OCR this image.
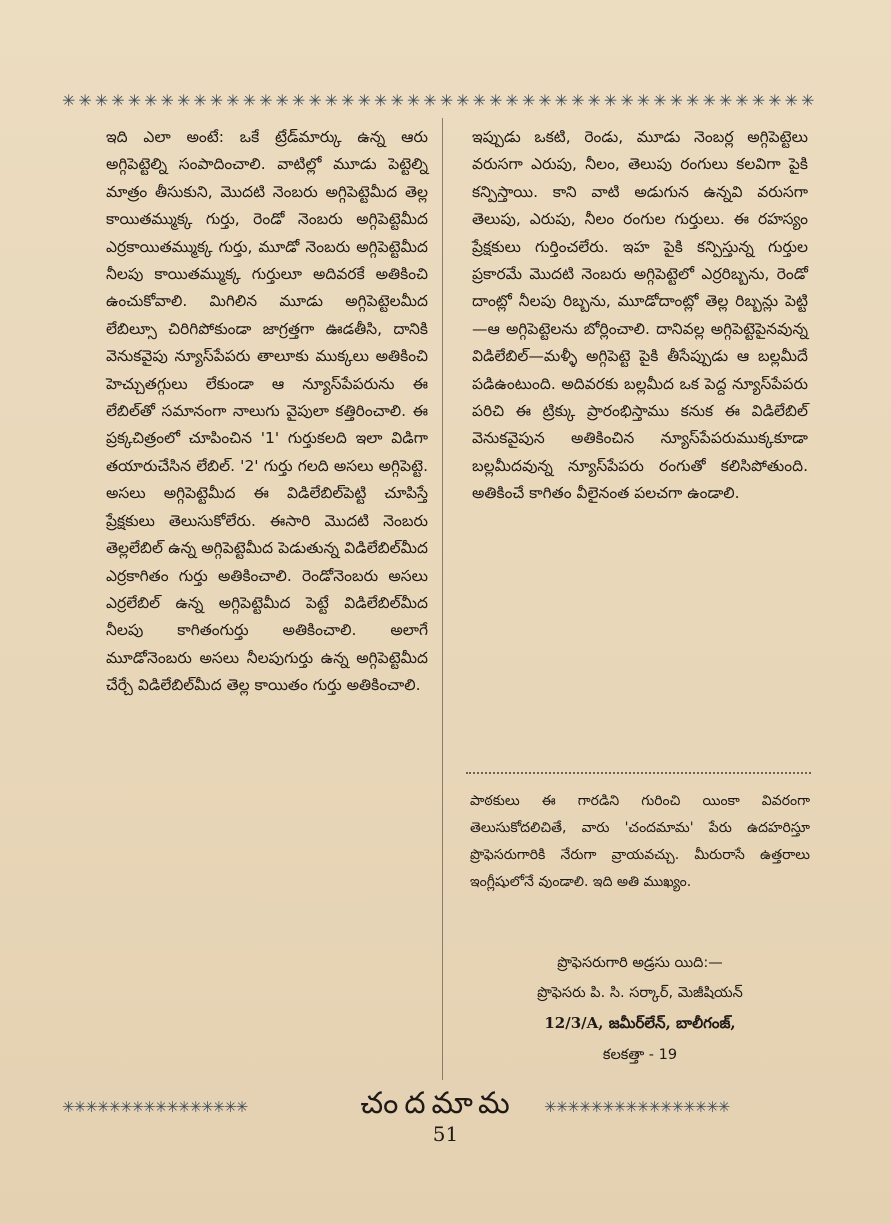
✳ ✳ ✳ ✳ ✳ ✳ ✳ ✳ ✳ ✳ ✳ ✳ ✳ ✳ ✳ ✳ ✳ ✳ ✳ ✳ ✳ ✳ ✳ ✳ ✳ ✳ ✳ ✳ ✳ ✳ ✳ ✳ ✳ ✳ ✳ ✳ ✳ ✳ ✳ ✳ ✳ ✳ ✳ ✳ ✳ ✳

ఇది ఎలా అంటే: ఒకే ట్రేడ్‌మార్కు ఉన్న ఆరు అగ్గిపెట్టెల్ని సంపాదించాలి. వాటిల్లో మూడు పెట్టెల్ని మాత్రం తీసుకుని, మొదటి నెంబరు అగ్గిపెట్టెమీద తెల్ల కాయితమ్ముక్క గుర్తు, రెండో నెంబరు అగ్గిపెట్టెమీద ఎర్రకాయితమ్ముక్క గుర్తు, మూడో నెంబరు అగ్గిపెట్టెమీద నీలపు కాయితమ్ముక్క గుర్తులూ అదివరకే అతికించి ఉంచుకోవాలి. మిగిలిన మూడు అగ్గిపెట్టెలమీద లేబిల్సూ చిరిగిపోకుండా జాగ్రత్తగా ఊడతీసి, దానికి వెనుకవైపు న్యూస్‌పేపరు తాలూకు ముక్కలు అతికించి హెచ్చుతగ్గులు లేకుండా ఆ న్యూస్‌పేపరును ఈ లేబిల్‌తో సమానంగా నాలుగు వైపులా కత్తిరించాలి. ఈ ప్రక్కచిత్రంలో చూపించిన '1' గుర్తుకలది ఇలా విడిగా తయారుచేసిన లేబిల్. '2' గుర్తు గలది అసలు అగ్గిపెట్టె. అసలు అగ్గిపెట్టెమీద ఈ విడిలేబిల్‌పెట్టి చూపిస్తే ప్రేక్షకులు తెలుసుకోలేరు. ఈసారి మొదటి నెంబరు తెల్లలేబిల్ ఉన్న అగ్గిపెట్టెమీద పెడుతున్న విడిలేబిల్‌మీద ఎర్రకాగితం గుర్తు అతికించాలి. రెండోనెంబరు అసలు ఎర్రలేబిల్ ఉన్న అగ్గిపెట్టెమీద పెట్టే విడిలేబిల్‌మీద నీలపు కాగితంగుర్తు అతికించాలి. అలాగే మూడోనెంబరు అసలు నీలపుగుర్తు ఉన్న అగ్గిపెట్టెమీద చేర్చే విడిలేబిల్‌మీద తెల్ల కాయితం గుర్తు అతికించాలి.

ఇప్పుడు ఒకటి, రెండు, మూడు నెంబర్ల అగ్గిపెట్టెలు వరుసగా ఎరుపు, నీలం, తెలుపు రంగులు కలవిగా పైకి కన్పిస్తాయి. కాని వాటి అడుగున ఉన్నవి వరుసగా తెలుపు, ఎరుపు, నీలం రంగుల గుర్తులు. ఈ రహస్యం ప్రేక్షకులు గుర్తించలేరు. ఇహ పైకి కన్పిస్తున్న గుర్తుల ప్రకారమే మొదటి నెంబరు అగ్గిపెట్టెలో ఎర్రరిబ్బను, రెండో దాంట్లో నీలపు రిబ్బను, మూడోదాంట్లో తెల్ల రిబ్బన్లు పెట్టి—ఆ అగ్గిపెట్టెలను బోర్లించాలి. దానివల్ల అగ్గిపెట్టెపైనవున్న విడిలేబిల్—మళ్ళీ అగ్గిపెట్టె పైకి తీసేప్పుడు ఆ బల్లమీదే పడిఉంటుంది. అదివరకు బల్లమీద ఒక పెద్ద న్యూస్‌పేపరు పరిచి ఈ ట్రిక్కు ప్రారంభిస్తాము కనుక ఈ విడిలేబిల్ వెనుకవైపున అతికించిన న్యూస్‌పేపరుముక్కకూడా బల్లమీదవున్న న్యూస్‌పేపరు రంగుతో కలిసిపోతుంది. అతికించే కాగితం వీలైనంత పలచగా ఉండాలి.

పాఠకులు ఈ గారడిని గురించి యింకా వివరంగా తెలుసుకోదలిచితే, వారు 'చందమామ' పేరు ఉదహరిస్తూ ప్రొఫెసరుగారికి నేరుగా వ్రాయవచ్చు. మీరురాసే ఉత్తరాలు ఇంగ్లీషులోనే వుండాలి. ఇది అతి ముఖ్యం.

ప్రొఫెసరుగారి అడ్రసు యిది:—
ప్రొఫెసరు పి. సి. సర్కార్, మెజీషియన్
12/3/A, జమీర్‌లేన్, బాలీగంజ్,
కలకత్తా - 19
✳ ✳ ✳ ✳ ✳ ✳ ✳ ✳ ✳ ✳ ✳ ✳ ✳ ✳ ✳ ✳	చందమామ ✳ ✳ ✳ ✳ ✳ ✳ ✳ ✳ ✳ ✳ ✳ ✳ ✳ ✳ ✳ ✳
51
